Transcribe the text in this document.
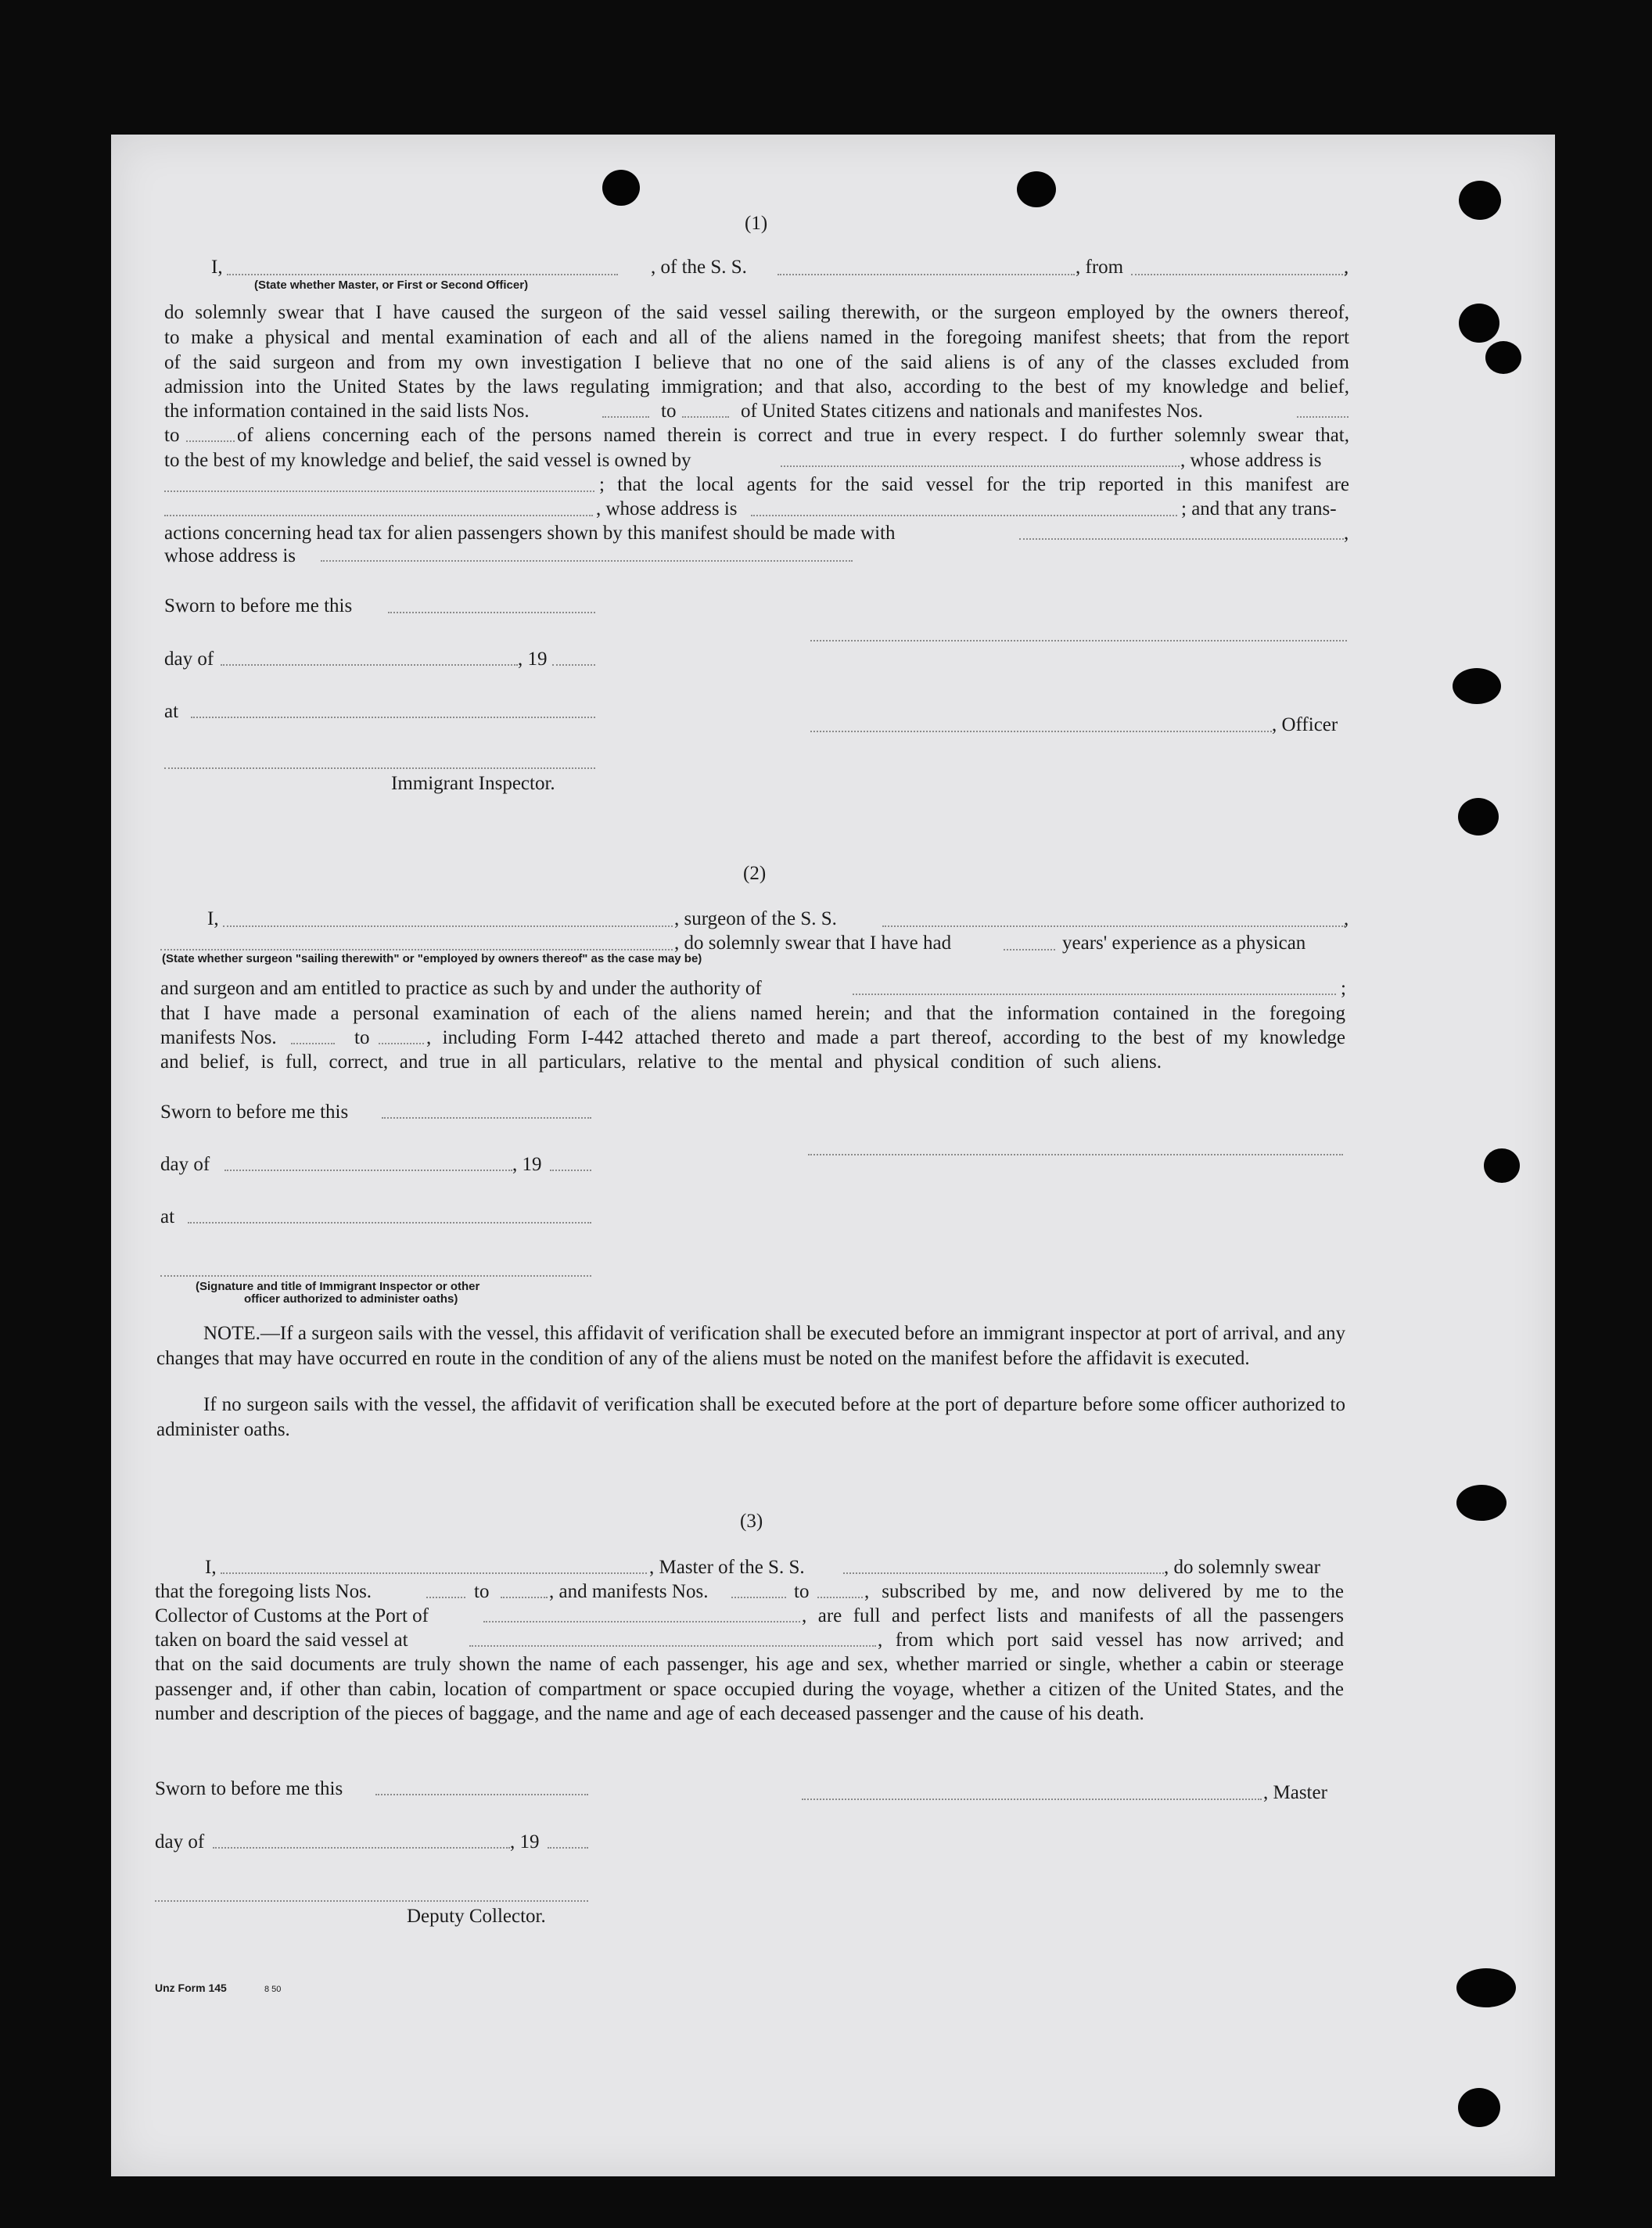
(1)
I,	, of the S. S.	, from	,
(State whether Master, or First or Second Officer)
do solemnly swear that I have caused the surgeon of the said vessel sailing therewith, or the surgeon employed by the owners thereof,
to make a physical and mental examination of each and all of the aliens named in the foregoing manifest sheets; that from the report
of the said surgeon and from my own investigation I believe that no one of the said aliens is of any of the classes excluded from
admission into the United States by the laws regulating immigration; and that also, according to the best of my knowledge and belief,
the information contained in the said lists Nos.	to	of United States citizens and nationals and manifestes Nos.
to	of aliens concerning each of the persons named therein is correct and true in every respect. I do further solemnly swear that,
to the best of my knowledge and belief, the said vessel is owned by	, whose address is
; that the local agents for the said vessel for the trip reported in this manifest are
, whose address is	; and that any trans-
actions concerning head tax for alien passengers shown by this manifest should be made with	,
whose address is
Sworn to before me this
day of	, 19
at
, Officer
Immigrant Inspector.
(2)
I,	, surgeon of the S. S.	,
, do solemnly swear that I have had	years' experience as a physican
(State whether surgeon "sailing therewith" or "employed by owners thereof" as the case may be)
and surgeon and am entitled to practice as such by and under the authority of	;
that I have made a personal examination of each of the aliens named herein; and that the information contained in the foregoing
manifests Nos.	to	, including Form I-442 attached thereto and made a part thereof, according to the best of my knowledge
and belief, is full, correct, and true in all particulars, relative to the mental and physical condition of such aliens.
Sworn to before me this
day of	, 19
at
(Signature and title of Immigrant Inspector or other
officer authorized to administer oaths)
NOTE.—If a surgeon sails with the vessel, this affidavit of verification shall be executed before an immigrant inspector at port of arrival, and any changes that may have occurred en route in the condition of any of the aliens must be noted on the manifest before the affidavit is executed.
If no surgeon sails with the vessel, the affidavit of verification shall be executed before at the port of departure before some officer authorized to administer oaths.
(3)
I,	, Master of the S. S.	, do solemnly swear
that the foregoing lists Nos.	to	, and manifests Nos.	to	, subscribed by me, and now delivered by me to the
Collector of Customs at the Port of	, are full and perfect lists and manifests of all the passengers
taken on board the said vessel at	, from which port said vessel has now arrived; and
that on the said documents are truly shown the name of each passenger, his age and sex, whether married or single, whether a cabin or steerage passenger and, if other than cabin, location of compartment or space occupied during the voyage, whether a citizen of the United States, and the number and description of the pieces of baggage, and the name and age of each deceased passenger and the cause of his death.
Sworn to before me this	, Master
day of	, 19
Deputy Collector.
Unz Form 145	8 50
